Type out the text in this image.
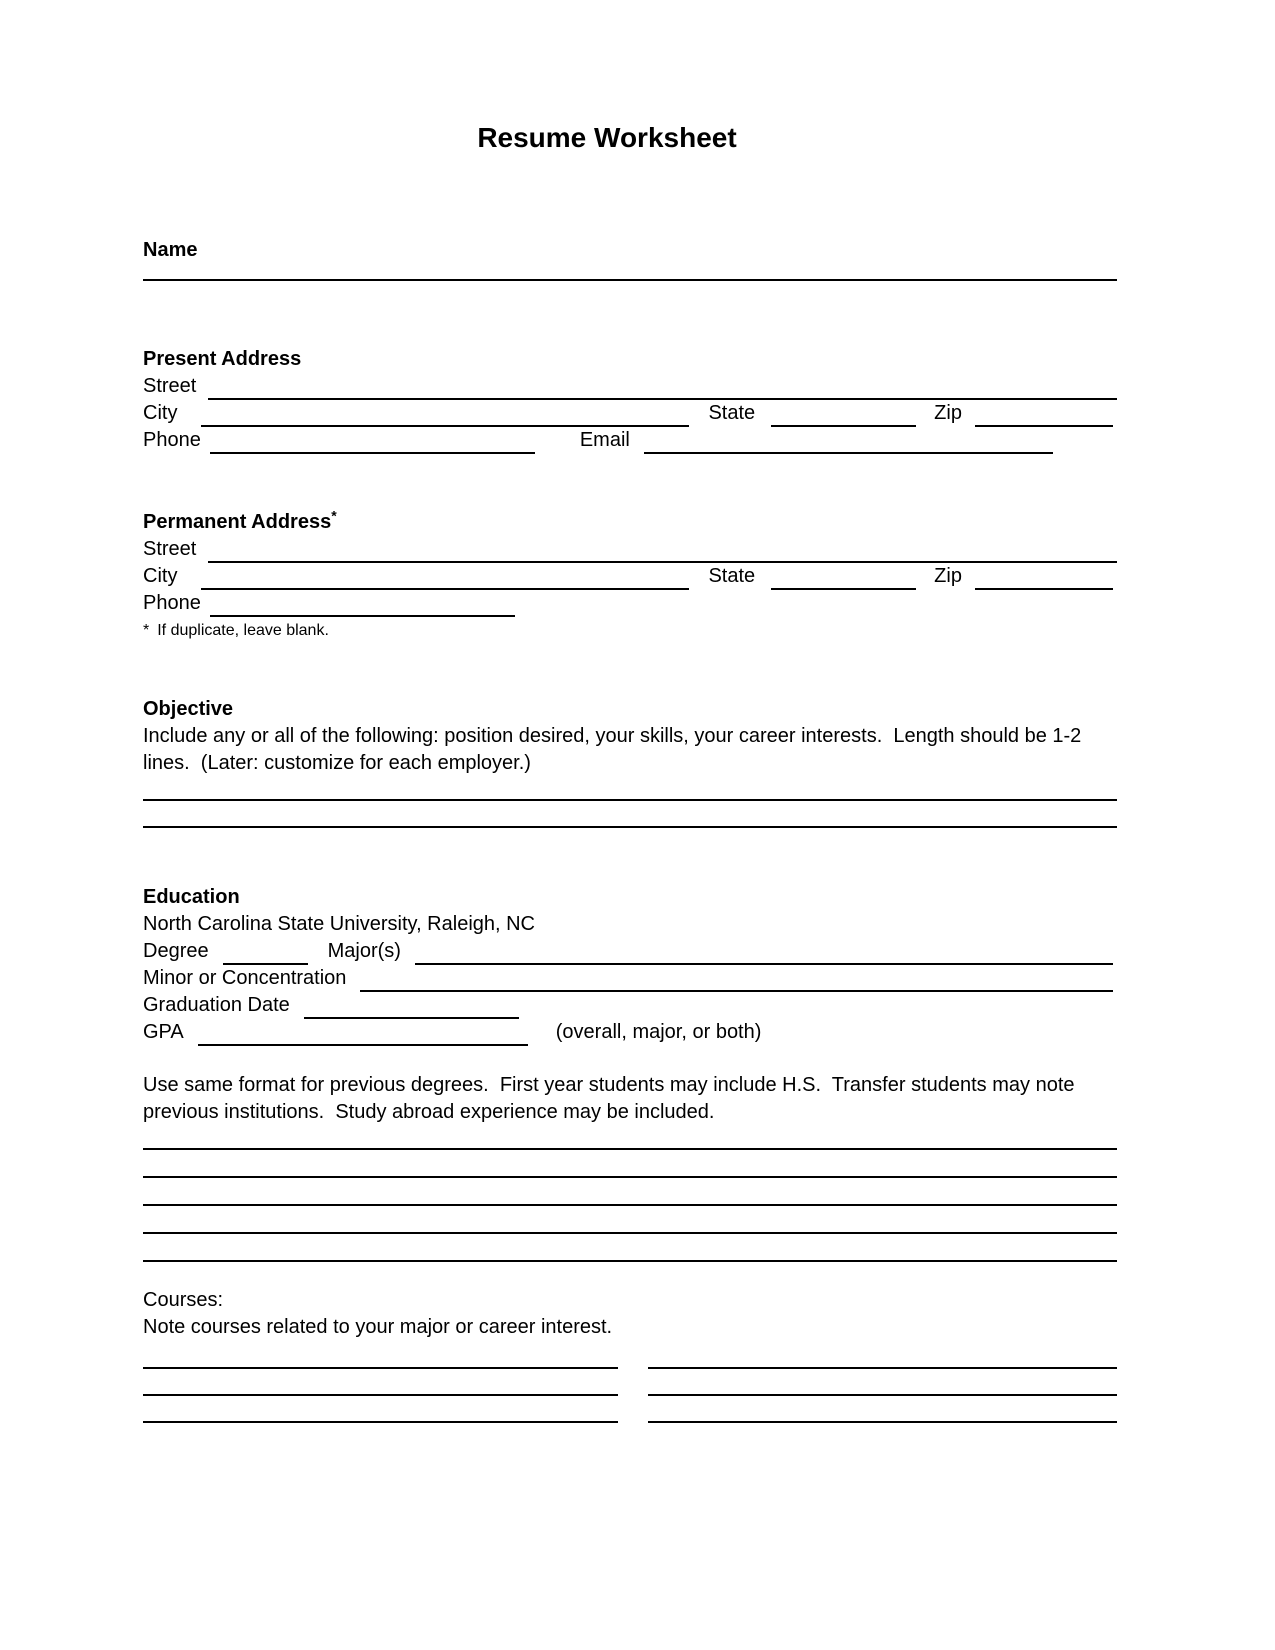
Resume Worksheet
Name
Present Address
Street
City	State	Zip
Phone	Email
Permanent Address*
Street
City	State	Zip
Phone
* If duplicate, leave blank.
Objective
Include any or all of the following: position desired, your skills, your career interests.  Length should be 1-2 lines.  (Later: customize for each employer.)
Education
North Carolina State University, Raleigh, NC
Degree	Major(s)
Minor or Concentration
Graduation Date
GPA	(overall, major, or both)
Use same format for previous degrees.  First year students may include H.S.  Transfer students may note previous institutions.  Study abroad experience may be included.
Courses:
Note courses related to your major or career interest.
